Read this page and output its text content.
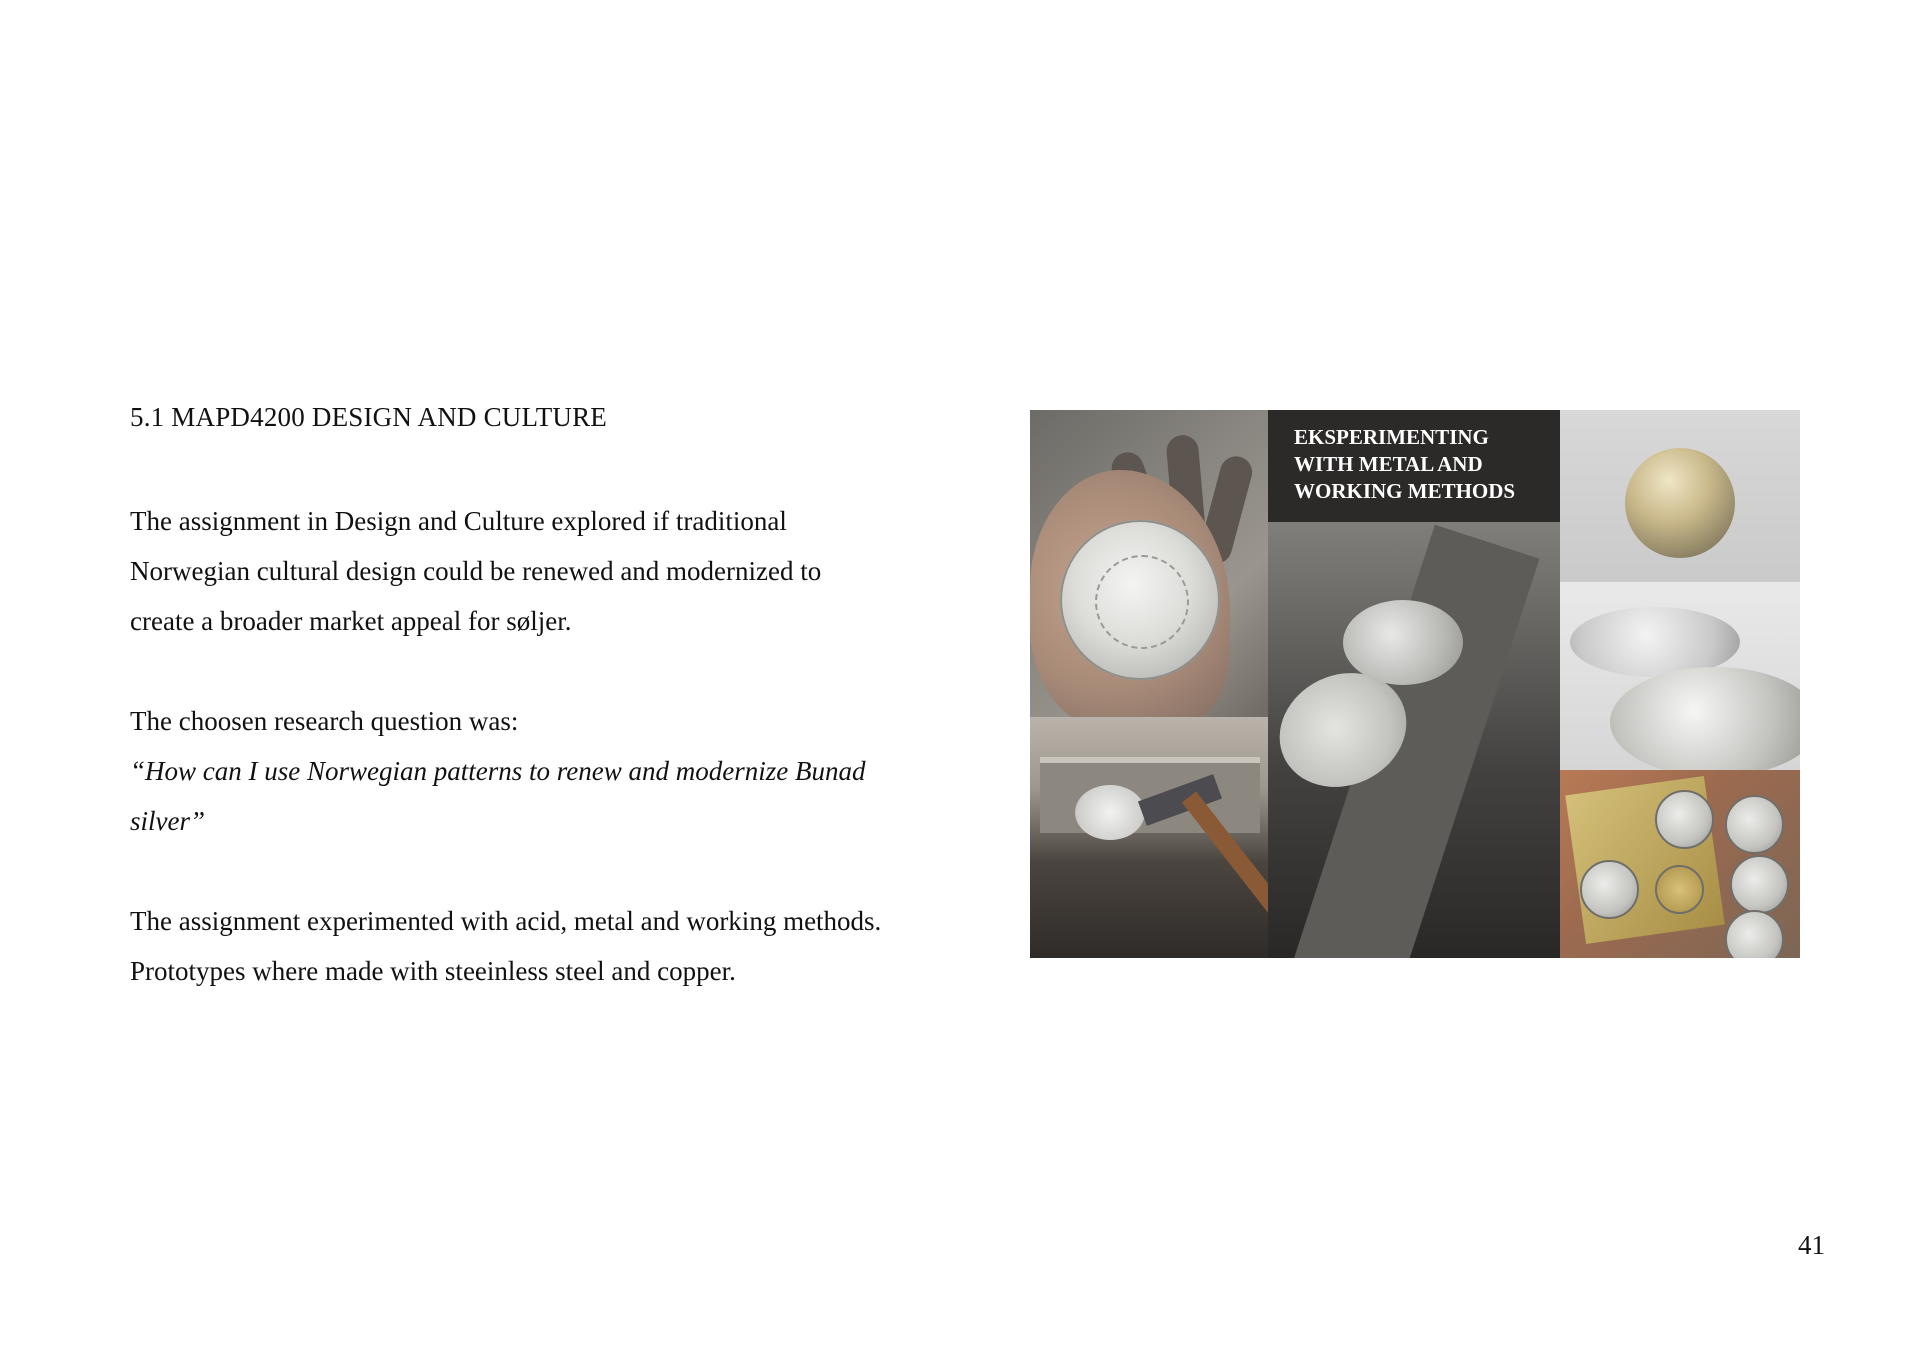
5.1 MAPD4200 DESIGN AND CULTURE

The assignment in Design and Culture explored if traditional
Norwegian cultural design could be renewed and modernized to
create a broader market appeal for søljer.

The choosen research question was:
“How can I use Norwegian patterns to renew and modernize Bunad
silver”

The assignment experimented with acid, metal and working methods.
Prototypes where made with steeinless steel and copper.

EKSPERIMENTING
WITH METAL AND
WORKING METHODS
41
